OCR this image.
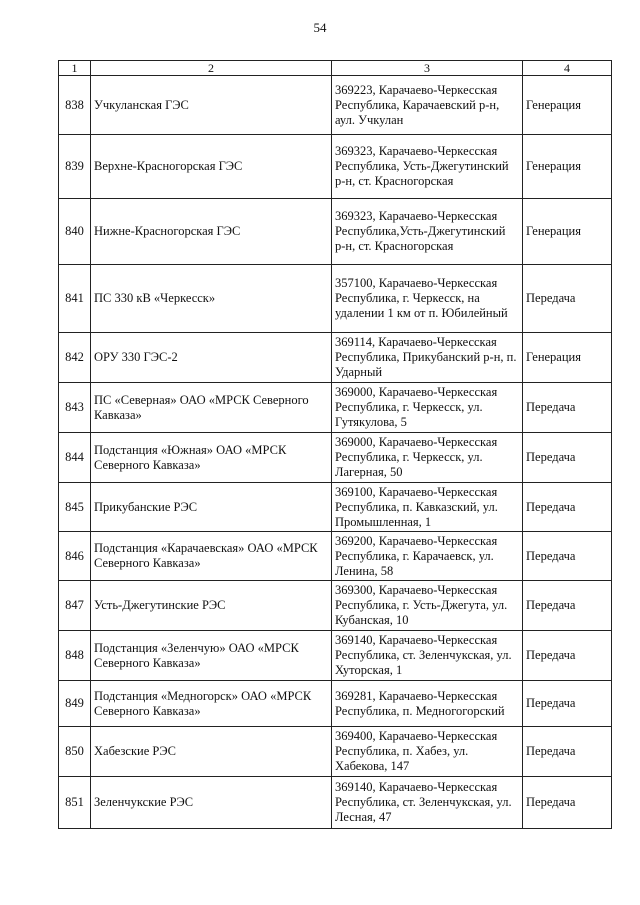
54
1	2	3	4
838	Учкуланская ГЭС	369223, Карачаево-Черкесская Республика, Карачаевский р-н, аул. Учкулан	Генерация
839	Верхне-Красногорская ГЭС	369323, Карачаево-Черкесская Республика, Усть-Джегутинский р-н, ст. Красногорская	Генерация
840	Нижне-Красногорская ГЭС	369323, Карачаево-Черкесская Республика,Усть-Джегутинский р-н, ст. Красногорская	Генерация
841	ПС 330 кВ «Черкесск»	357100, Карачаево-Черкесская Республика, г. Черкесск, на удалении 1 км от п. Юбилейный	Передача
842	ОРУ 330 ГЭС-2	369114, Карачаево-Черкесская Республика, Прикубанский р-н, п. Ударный	Генерация
843	ПС «Северная» ОАО «МРСК Северного Кавказа»	369000, Карачаево-Черкесская Республика, г. Черкесск, ул. Гутякулова, 5	Передача
844	Подстанция «Южная» ОАО «МРСК Северного Кавказа»	369000, Карачаево-Черкесская Республика, г. Черкесск, ул. Лагерная, 50	Передача
845	Прикубанские РЭС	369100, Карачаево-Черкесская Республика, п. Кавказский, ул. Промышленная, 1	Передача
846	Подстанция «Карачаевская» ОАО «МРСК Северного Кавказа»	369200, Карачаево-Черкесская Республика, г. Карачаевск, ул. Ленина, 58	Передача
847	Усть-Джегутинские РЭС	369300, Карачаево-Черкесская Республика, г. Усть-Джегута, ул. Кубанская, 10	Передача
848	Подстанция «Зеленчую» ОАО «МРСК Северного Кавказа»	369140, Карачаево-Черкесская Республика, ст. Зеленчукская, ул. Хуторская, 1	Передача
849	Подстанция «Медногорск» ОАО «МРСК Северного Кавказа»	369281, Карачаево-Черкесская Республика, п. Медногогорский	Передача
850	Хабезские РЭС	369400, Карачаево-Черкесская Республика, п. Хабез, ул. Хабекова, 147	Передача
851	Зеленчукские РЭС	369140, Карачаево-Черкесская Республика, ст. Зеленчукская, ул. Лесная, 47	Передача
